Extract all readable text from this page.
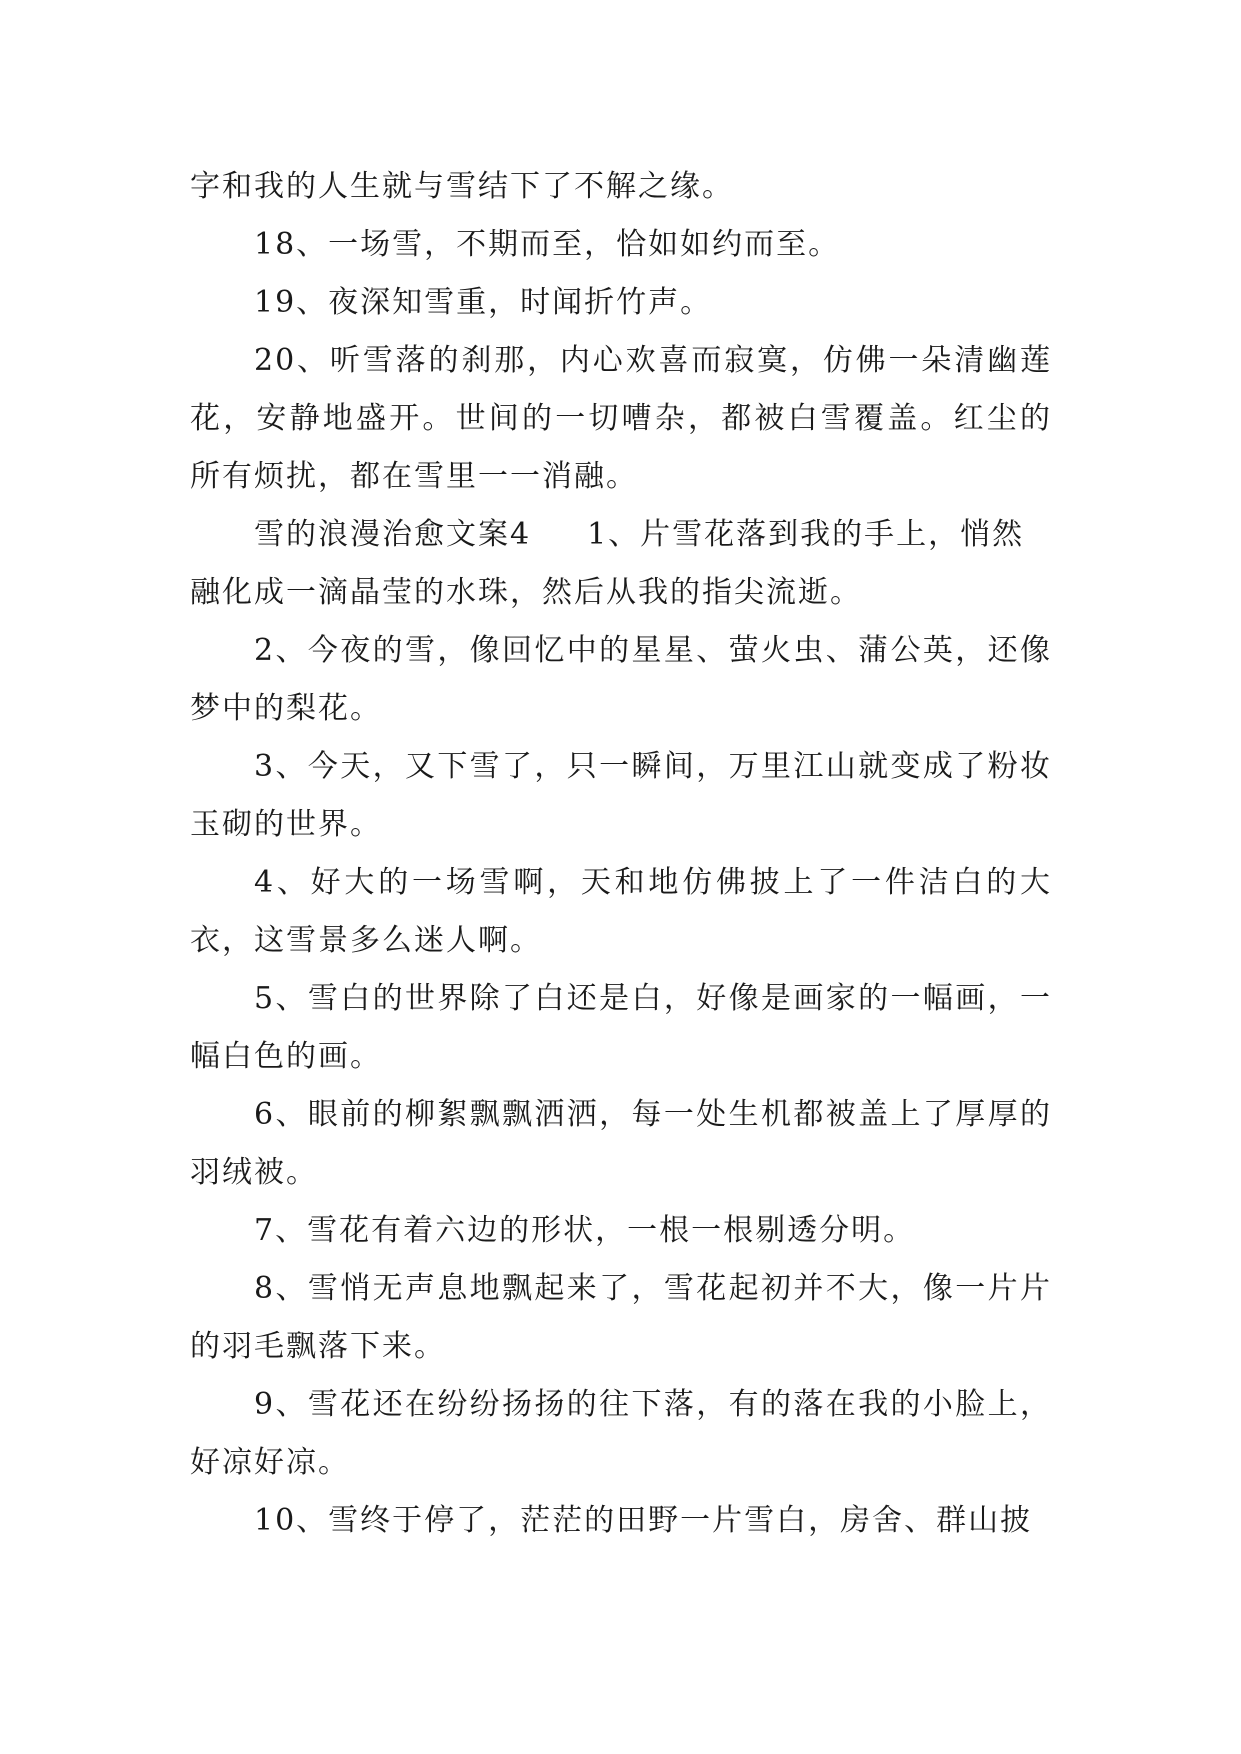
字和我的人生就与雪结下了不解之缘。

18、一场雪，不期而至，恰如如约而至。

19、夜深知雪重，时闻折竹声。

20、听雪落的刹那，内心欢喜而寂寞，仿佛一朵清幽莲花，安静地盛开。世间的一切嘈杂，都被白雪覆盖。红尘的所有烦扰，都在雪里一一消融。

雪的浪漫治愈文案4 1、片雪花落到我的手上，悄然融化成一滴晶莹的水珠，然后从我的指尖流逝。

2、今夜的雪，像回忆中的星星、萤火虫、蒲公英，还像梦中的梨花。

3、今天，又下雪了，只一瞬间，万里江山就变成了粉妆玉砌的世界。

4、好大的一场雪啊，天和地仿佛披上了一件洁白的大衣，这雪景多么迷人啊。

5、雪白的世界除了白还是白，好像是画家的一幅画，一幅白色的画。

6、眼前的柳絮飘飘洒洒，每一处生机都被盖上了厚厚的羽绒被。

7、雪花有着六边的形状，一根一根剔透分明。

8、雪悄无声息地飘起来了，雪花起初并不大，像一片片的羽毛飘落下来。

9、雪花还在纷纷扬扬的往下落，有的落在我的小脸上，好凉好凉。

10、雪终于停了，茫茫的田野一片雪白，房舍、群山披
